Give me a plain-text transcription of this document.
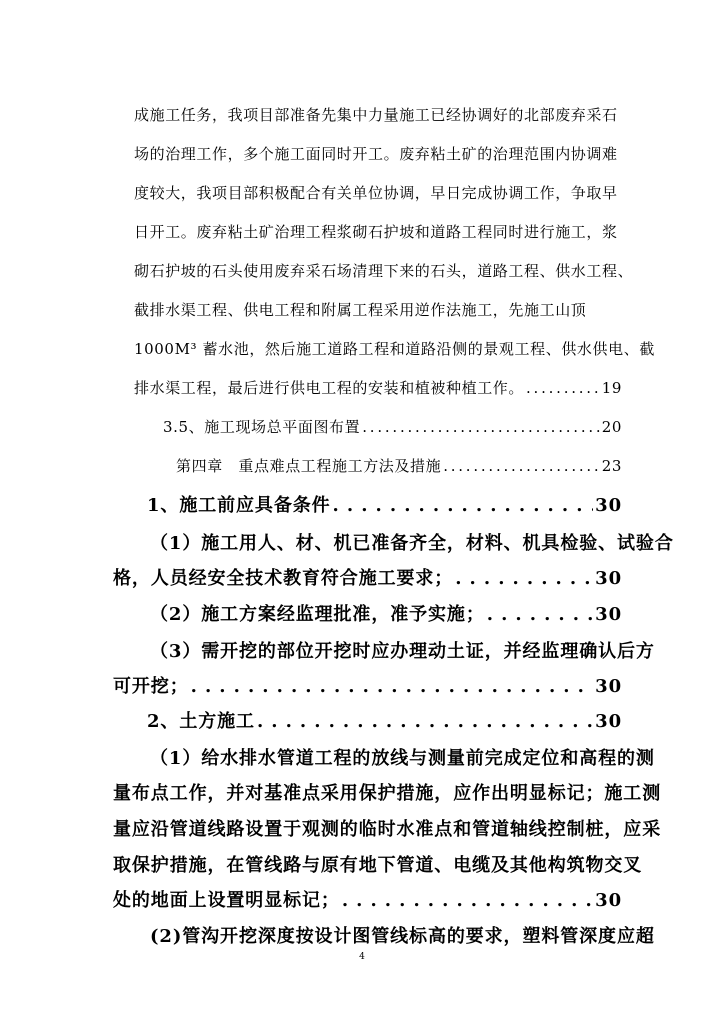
成施工任务，我项目部准备先集中力量施工已经协调好的北部废弃采石
场的治理工作，多个施工面同时开工。废弃粘土矿的治理范围内协调难
度较大，我项目部积极配合有关单位协调，早日完成协调工作，争取早
日开工。废弃粘土矿治理工程浆砌石护坡和道路工程同时进行施工，浆
砌石护坡的石头使用废弃采石场清理下来的石头，道路工程、供水工程、
截排水渠工程、供电工程和附属工程采用逆作法施工，先施工山顶
1000M³ 蓄水池，然后施工道路工程和道路沿侧的景观工程、供水供电、截
排水渠工程，最后进行供电工程的安装和植被种植工作。 . . .	19
3.5、施工现场总平面图布置 . . .	20
第四章　重点难点工程施工方法及措施 . . .	23
1、施工前应具备条件 . . .	30
（1）施工用人、材、机已准备齐全，材料、机具检验、试验合
格，人员经安全技术教育符合施工要求； . . .	30
（2）施工方案经监理批准，准予实施； . . .	30
（3）需开挖的部位开挖时应办理动土证，并经监理确认后方
可开挖； . . .	30
2、土方施工 . . .	30
（1）给水排水管道工程的放线与测量前完成定位和高程的测
量布点工作，并对基准点采用保护措施，应作出明显标记；施工测
量应沿管道线路设置于观测的临时水准点和管道轴线控制桩，应采
取保护措施，在管线路与原有地下管道、电缆及其他构筑物交叉
处的地面上设置明显标记； . . .	30
(2)管沟开挖深度按设计图管线标高的要求，塑料管深度应超
4
